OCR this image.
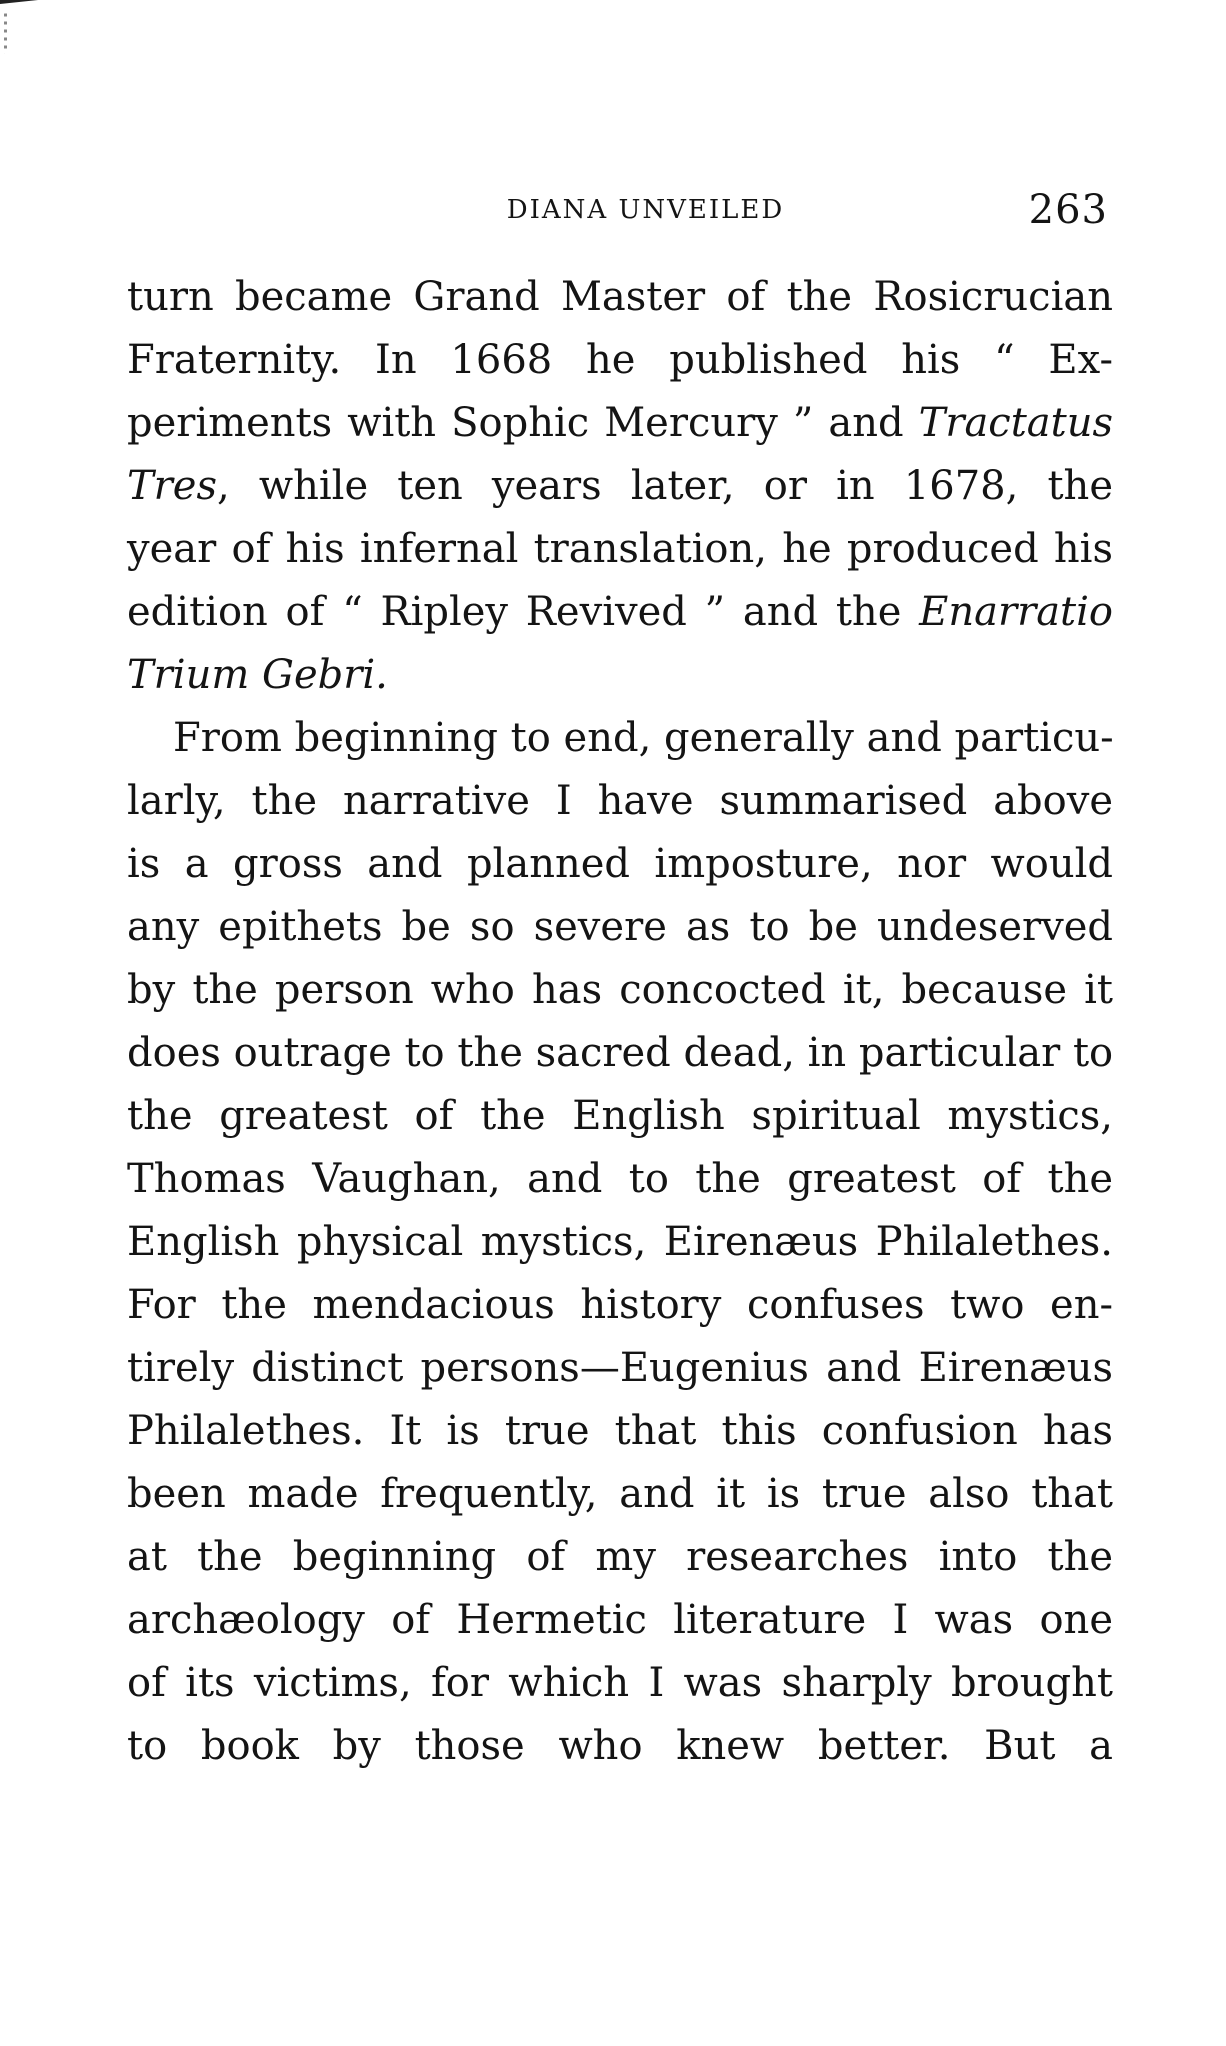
DIANA UNVEILED	263
turn became Grand Master of the Rosicrucian
Fraternity. In 1668 he published his “ Ex-
periments with Sophic Mercury ” and Tractatus
Tres, while ten years later, or in 1678, the
year of his infernal translation, he produced his
edition of “ Ripley Revived ” and the Enarratio
Trium Gebri.
From beginning to end, generally and particu-
larly, the narrative I have summarised above
is a gross and planned imposture, nor would
any epithets be so severe as to be undeserved
by the person who has concocted it, because it
does outrage to the sacred dead, in particular to
the greatest of the English spiritual mystics,
Thomas Vaughan, and to the greatest of the
English physical mystics, Eirenæus Philalethes.
For the mendacious history confuses two en-
tirely distinct persons—Eugenius and Eirenæus
Philalethes. It is true that this confusion has
been made frequently, and it is true also that
at the beginning of my researches into the
archæology of Hermetic literature I was one
of its victims, for which I was sharply brought
to book by those who knew better. But a
